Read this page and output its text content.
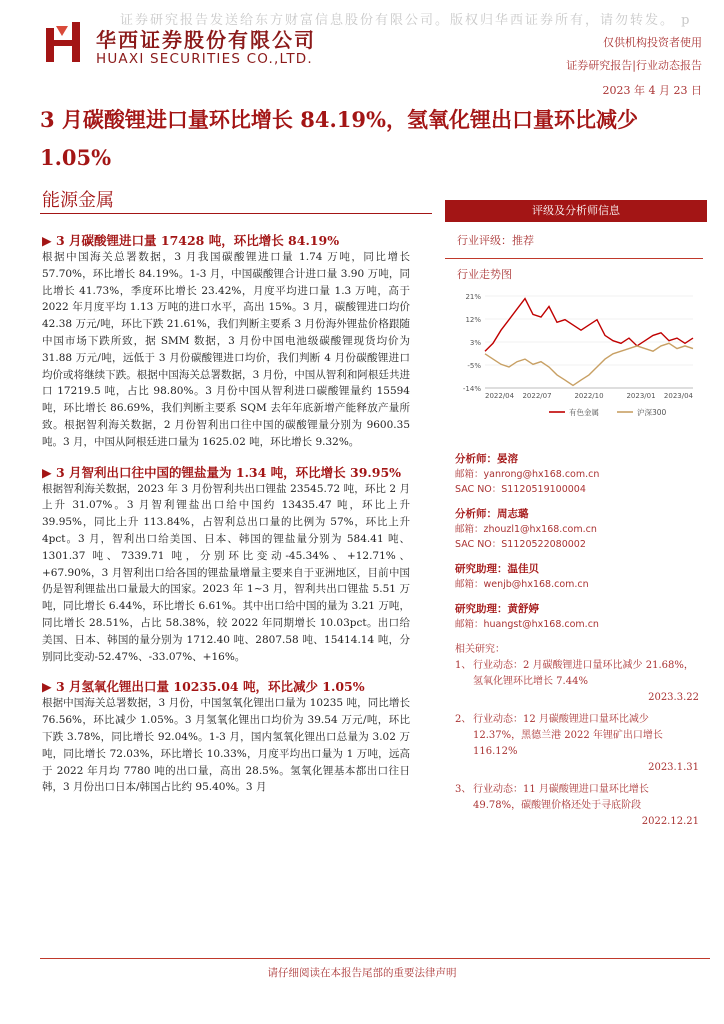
证券研究报告发送给东方财富信息股份有限公司。版权归华西证券所有，请勿转发。 p
华西证券股份有限公司
HUAXI SECURITIES CO.,LTD.
仅供机构投资者使用
证券研究报告|行业动态报告
2023 年 4 月 23 日
3 月碳酸锂进口量环比增长 84.19%，氢氧化锂出口量环比减少 1.05%
能源金属
▶ 3 月碳酸锂进口量 17428 吨，环比增长 84.19%

根据中国海关总署数据，3 月我国碳酸锂进口量 1.74 万吨，同比增长 57.70%，环比增长 84.19%。1-3 月，中国碳酸锂合计进口量 3.90 万吨，同比增长 41.73%，季度环比增长 23.42%，月度平均进口量 1.3 万吨，高于 2022 年月度平均 1.13 万吨的进口水平，高出 15%。3 月，碳酸锂进口均价 42.38 万元/吨，环比下跌 21.61%，我们判断主要系 3 月份海外锂盐价格跟随中国市场下跌所致，据 SMM 数据，3 月份中国电池级碳酸锂现货均价为 31.88 万元/吨，远低于 3 月份碳酸锂进口均价，我们判断 4 月份碳酸锂进口均价或将继续下跌。根据中国海关总署数据，3 月份，中国从智利和阿根廷共进口 17219.5 吨，占比 98.80%。3 月份中国从智利进口碳酸锂量约 15594 吨，环比增长 86.69%，我们判断主要系 SQM 去年年底新增产能释放产量所致。根据智利海关数据，2 月份智利出口往中国的碳酸锂量分别为 9600.35 吨。3 月，中国从阿根廷进口量为 1625.02 吨，环比增长 9.32%。

▶ 3 月智利出口往中国的锂盐量为 1.34 吨，环比增长 39.95%

根据智利海关数据，2023 年 3 月份智利共出口锂盐 23545.72 吨，环比 2 月上升 31.07%。3 月智利锂盐出口给中国约 13435.47 吨，环比上升 39.95%，同比上升 113.84%，占智利总出口量的比例为 57%，环比上升 4pct。3 月，智利出口给美国、日本、韩国的锂盐量分别为 584.41 吨、1301.37 吨、7339.71 吨，分别环比变动-45.34%、+12.71%、+67.90%，3 月智利出口给各国的锂盐量增量主要来自于亚洲地区，目前中国仍是智利锂盐出口量最大的国家。2023 年 1~3 月，智利共出口锂盐 5.51 万吨，同比增长 6.44%，环比增长 6.61%。其中出口给中国的量为 3.21 万吨，同比增长 28.51%，占比 58.38%，较 2022 年同期增长 10.03pct。出口给美国、日本、韩国的量分别为 1712.40 吨、2807.58 吨、15414.14 吨，分别同比变动-52.47%、-33.07%、+16%。

▶ 3 月氢氧化锂出口量 10235.04 吨，环比减少 1.05%

根据中国海关总署数据，3 月份，中国氢氧化锂出口量为 10235 吨，同比增长 76.56%，环比减少 1.05%。3 月氢氧化锂出口均价为 39.54 万元/吨，环比下跌 3.78%，同比增长 92.04%。1-3 月，国内氢氧化锂出口总量为 3.02 万吨，同比增长 72.03%，环比增长 10.33%，月度平均出口量为 1 万吨，远高于 2022 年月均 7780 吨的出口量，高出 28.5%。氢氧化锂基本都出口往日韩，3 月份出口日本/韩国占比约 95.40%。3 月

评级及分析师信息
行业评级：推荐
行业走势图
21%
12%
3%
-5%
-14%
2022/04 2022/07	2022/10	2023/01 2023/04
有色金属	沪深300
分析师：晏溶
邮箱：yanrong@hx168.com.cn
SAC NO：S1120519100004
分析师：周志璐
邮箱：zhouzl1@hx168.com.cn
SAC NO：S1120522080002
研究助理：温佳贝
邮箱：wenjb@hx168.com.cn
研究助理：黄舒婷
邮箱：huangst@hx168.com.cn
相关研究：
1、 行业动态：2 月碳酸锂进口量环比减少 21.68%，氢氧化锂环比增长 7.44%
2023.3.22
2、 行业动态：12 月碳酸锂进口量环比减少 12.37%，黑德兰港 2022 年锂矿出口增长 116.12%
2023.1.31
3、 行业动态：11 月碳酸锂进口量环比增长 49.78%，碳酸锂价格还处于寻底阶段
2022.12.21
请仔细阅读在本报告尾部的重要法律声明
